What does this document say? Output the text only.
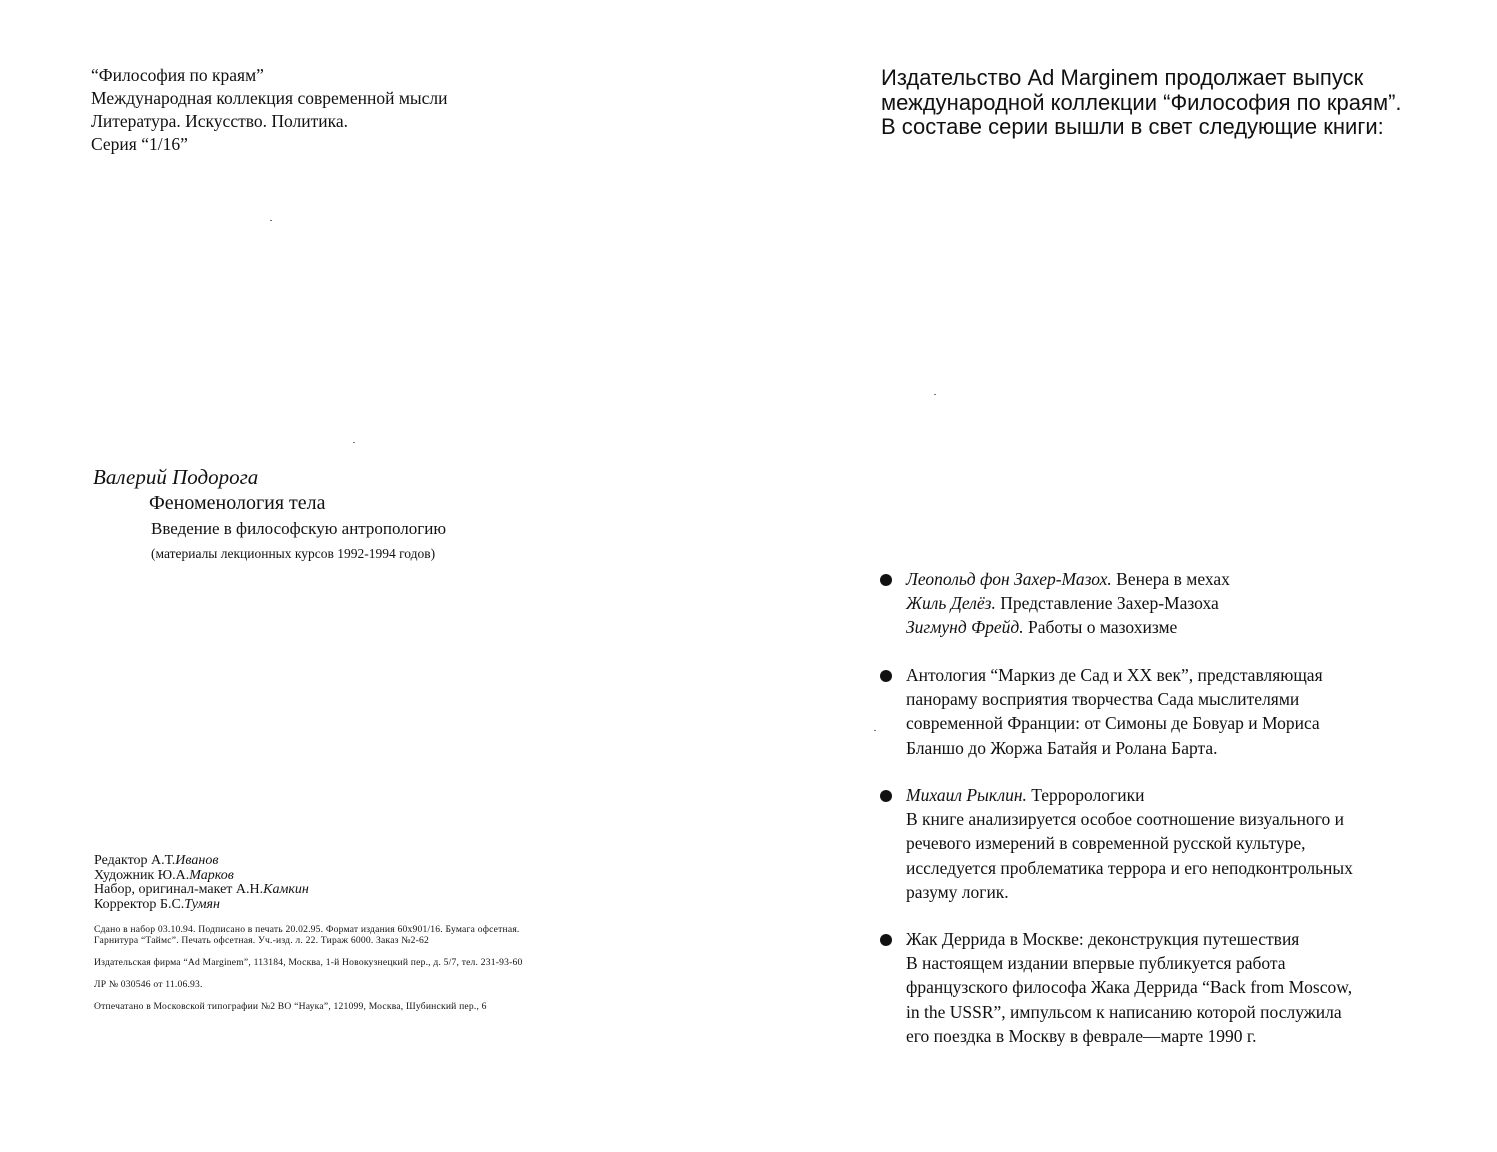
“Философия по краям”
Международная коллекция современной мысли
Литература. Искусство. Политика.
Серия “1/16”
Валерий Подорога
Феноменология тела
Введение в философскую антропологию
(материалы лекционных курсов 1992-1994 годов)
Редактор А.Т.Иванов
Художник Ю.А.Марков
Набор, оригинал-макет А.Н.Камкин
Корректор Б.С.Тумян
Сдано в набор 03.10.94. Подписано в печать 20.02.95. Формат издания 60х901/16. Бумага офсетная.
Гарнитура “Таймс”. Печать офсетная. Уч.-изд. л. 22. Тираж 6000. Заказ №2-62
Издательская фирма “Ad Marginem”, 113184, Москва, 1-й Новокузнецкий пер., д. 5/7, тел. 231-93-60
ЛР № 030546 от 11.06.93.
Отпечатано в Московской типографии №2 ВО “Наука”, 121099, Москва, Шубинский пер., 6
Издательство Ad Marginem продолжает выпуск
международной коллекции “Философия по краям”.
В составе серии вышли в свет следующие книги:
Леопольд фон Захер-Мазох. Венера в мехах
Жиль Делёз. Представление Захер-Мазоха
Зигмунд Фрейд. Работы о мазохизме
Антология “Маркиз де Сад и XX век”, представляющая
панораму восприятия творчества Сада мыслителями
современной Франции: от Симоны де Бовуар и Мориса
Бланшо до Жоржа Батайя и Ролана Барта.
Михаил Рыклин. Террорологики
В книге анализируется особое соотношение визуального и
речевого измерений в современной русской культуре,
исследуется проблематика террора и его неподконтрольных
разуму логик.
Жак Деррида в Москве: деконструкция путешествия
В настоящем издании впервые публикуется работа
французского философа Жака Деррида “Back from Moscow,
in the USSR”, импульсом к написанию которой послужила
его поездка в Москву в феврале—марте 1990 г.
